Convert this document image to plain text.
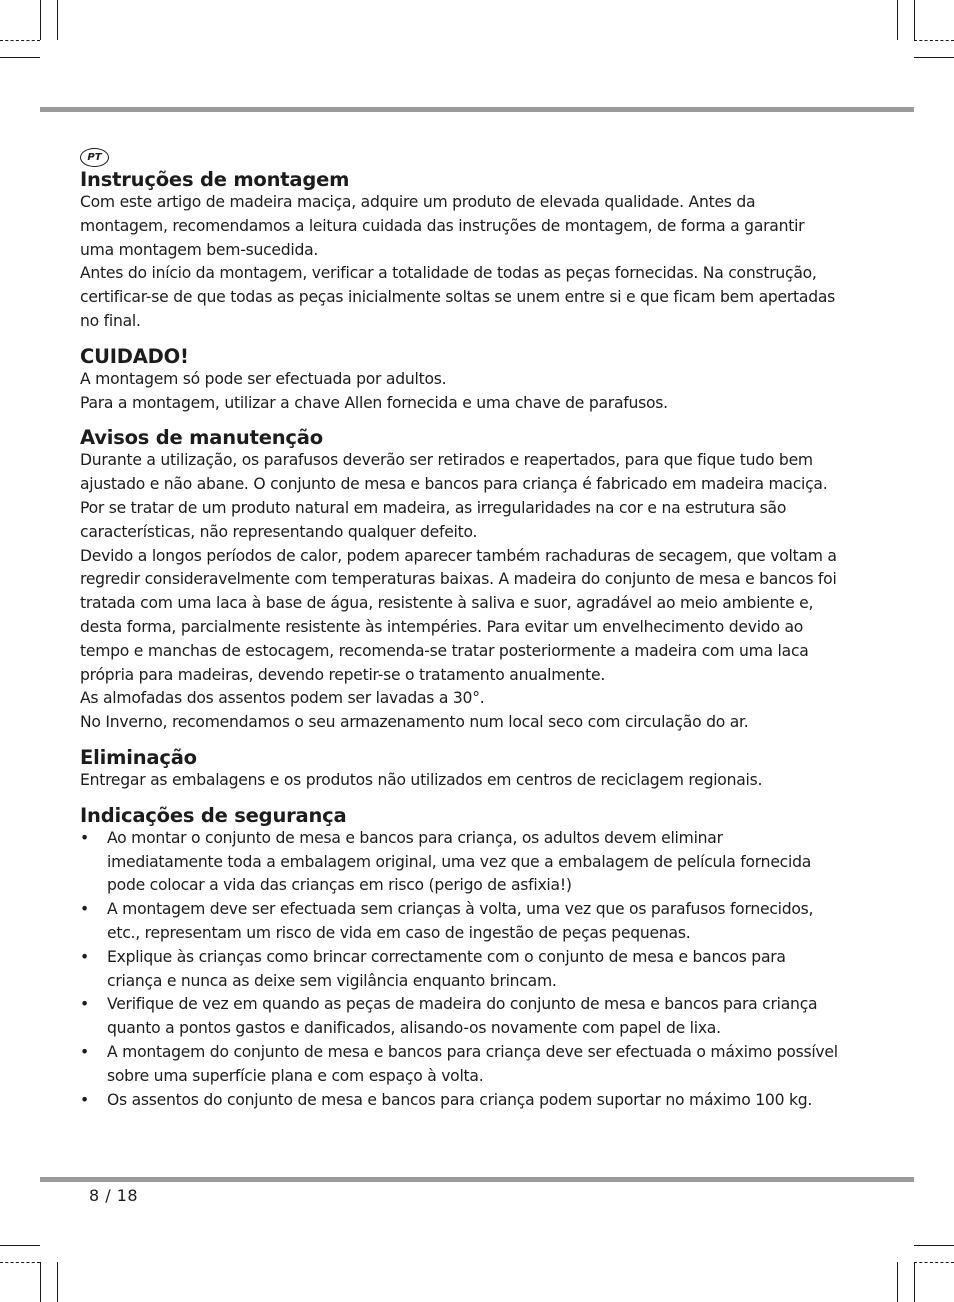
PT
Instruções de montagem

Com este artigo de madeira maciça, adquire um produto de elevada qualidade. Antes da montagem, recomendamos a leitura cuidada das instruções de montagem, de forma a garantir uma montagem bem-sucedida.

Antes do início da montagem, verificar a totalidade de todas as peças fornecidas. Na construção, certificar-se de que todas as peças inicialmente soltas se unem entre si e que ficam bem apertadas no final.

CUIDADO!

A montagem só pode ser efectuada por adultos.

Para a montagem, utilizar a chave Allen fornecida e uma chave de parafusos.

Avisos de manutenção

Durante a utilização, os parafusos deverão ser retirados e reapertados, para que fique tudo bem ajustado e não abane. O conjunto de mesa e bancos para criança é fabricado em madeira maciça. Por se tratar de um produto natural em madeira, as irregularidades na cor e na estrutura são características, não representando qualquer defeito.

Devido a longos períodos de calor, podem aparecer também rachaduras de secagem, que voltam a regredir consideravelmente com temperaturas baixas. A madeira do conjunto de mesa e bancos foi tratada com uma laca à base de água, resistente à saliva e suor, agradável ao meio ambiente e, desta forma, parcialmente resistente às intempéries. Para evitar um envelhecimento devido ao tempo e manchas de estocagem, recomenda-se tratar posteriormente a madeira com uma laca própria para madeiras, devendo repetir-se o tratamento anualmente.

As almofadas dos assentos podem ser lavadas a 30°.

No Inverno, recomendamos o seu armazenamento num local seco com circulação do ar.

Eliminação

Entregar as embalagens e os produtos não utilizados em centros de reciclagem regionais.

Indicações de segurança
• Ao montar o conjunto de mesa e bancos para criança, os adultos devem eliminar imediatamente toda a embalagem original, uma vez que a embalagem de película fornecida pode colocar a vida das crianças em risco (perigo de asfixia!)
• A montagem deve ser efectuada sem crianças à volta, uma vez que os parafusos fornecidos, etc., representam um risco de vida em caso de ingestão de peças pequenas.
• Explique às crianças como brincar correctamente com o conjunto de mesa e bancos para criança e nunca as deixe sem vigilância enquanto brincam.
• Verifique de vez em quando as peças de madeira do conjunto de mesa e bancos para criança quanto a pontos gastos e danificados, alisando-os novamente com papel de lixa.
• A montagem do conjunto de mesa e bancos para criança deve ser efectuada o máximo possível sobre uma superfície plana e com espaço à volta.
• Os assentos do conjunto de mesa e bancos para criança podem suportar no máximo 100 kg.
8 / 18
